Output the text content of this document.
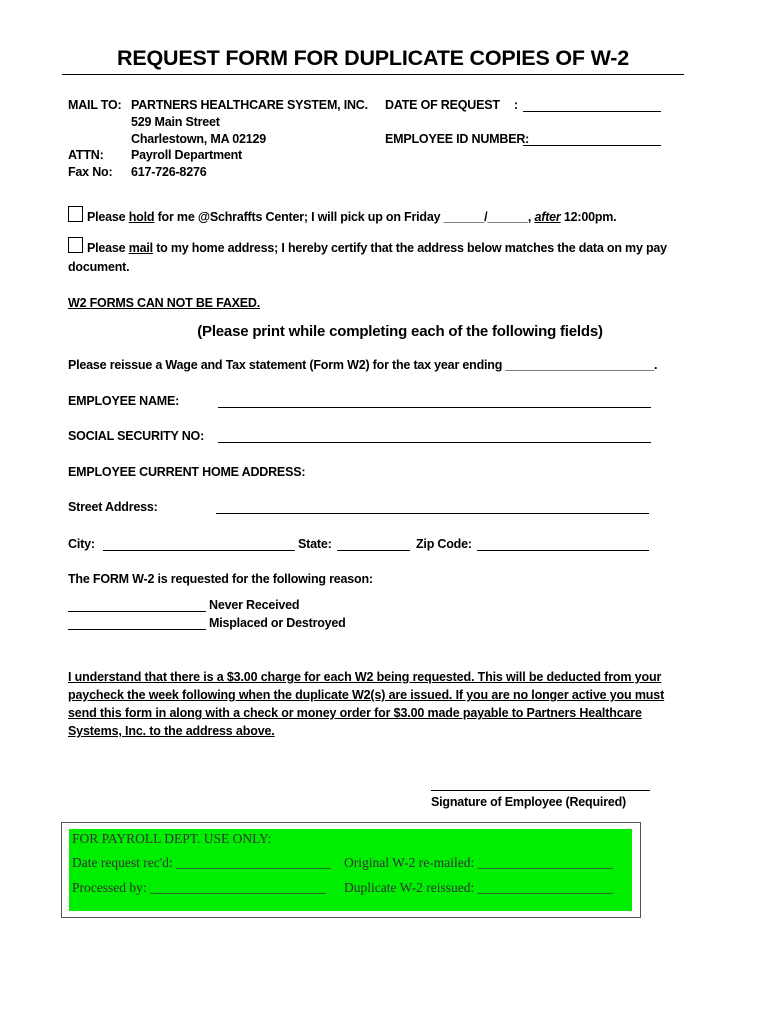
REQUEST FORM FOR DUPLICATE COPIES OF W-2
MAIL TO: PARTNERS HEALTHCARE SYSTEM, INC.
529 Main Street
Charlestown, MA 02129
ATTN: Payroll Department
Fax No: 617-726-8276
DATE OF REQUEST :
EMPLOYEE ID NUMBER:
Please hold for me @Schraffts Center; I will pick up on Friday ______/______, after 12:00pm.
Please mail to my home address; I hereby certify that the address below matches the data on my pay
document.
W2 FORMS CAN NOT BE FAXED.
(Please print while completing each of the following fields)
Please reissue a Wage and Tax statement (Form W2) for the tax year ending ______________________.
EMPLOYEE NAME:
SOCIAL SECURITY NO:
EMPLOYEE CURRENT HOME ADDRESS:
Street Address:
City:	State:	Zip Code:
The FORM W-2 is requested for the following reason:
Never Received
Misplaced or Destroyed
I understand that there is a $3.00 charge for each W2 being requested. This will be deducted from your paycheck the week following when the duplicate W2(s) are issued. If you are no longer active you must send this form in along with a check or money order for $3.00 made payable to Partners Healthcare Systems, Inc. to the address above.
Signature of Employee (Required)
FOR PAYROLL DEPT. USE ONLY:
Date request rec'd: _______________________ Original W-2 re-mailed: ____________________
Processed by: __________________________ Duplicate W-2 reissued: ____________________
